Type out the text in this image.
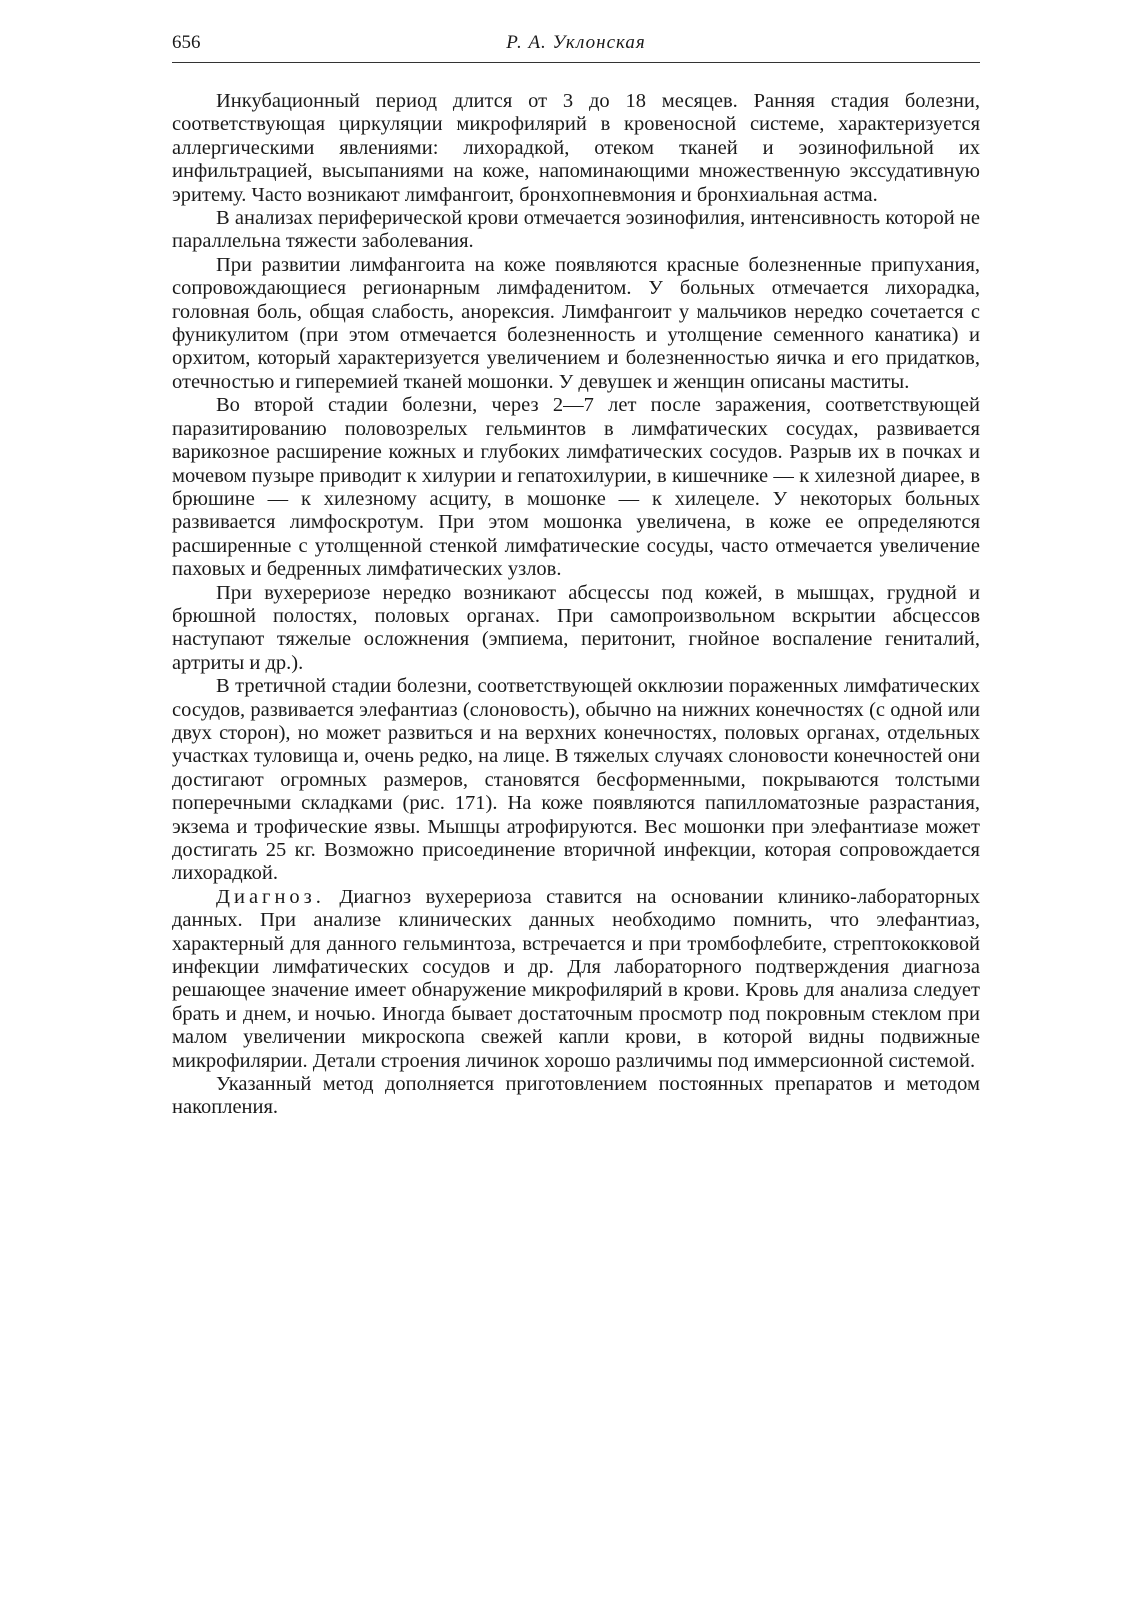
656	Р. А. Уклонская

Инкубационный период длится от 3 до 18 месяцев. Ранняя стадия болезни, соответствующая циркуляции микрофилярий в кровеносной системе, характеризуется аллергическими явлениями: лихорадкой, отеком тканей и эозинофильной их инфильтрацией, высыпаниями на коже, напоминающими множественную экссудативную эритему. Часто возникают лимфангоит, бронхопневмония и бронхиальная астма.

В анализах периферической крови отмечается эозинофилия, интенсивность которой не параллельна тяжести заболевания.

При развитии лимфангоита на коже появляются красные болезненные припухания, сопровождающиеся регионарным лимфаденитом. У больных отмечается лихорадка, головная боль, общая слабость, анорексия. Лимфангоит у мальчиков нередко сочетается с фуникулитом (при этом отмечается болезненность и утолщение семенного канатика) и орхитом, который характеризуется увеличением и болезненностью яичка и его придатков, отечностью и гиперемией тканей мошонки. У девушек и женщин описаны маститы.

Во второй стадии болезни, через 2—7 лет после заражения, соответствующей паразитированию половозрелых гельминтов в лимфатических сосудах, развивается варикозное расширение кожных и глубоких лимфатических сосудов. Разрыв их в почках и мочевом пузыре приводит к хилурии и гепатохилурии, в кишечнике — к хилезной диарее, в брюшине — к хилезному асциту, в мошонке — к хилецеле. У некоторых больных развивается лимфоскротум. При этом мошонка увеличена, в коже ее определяются расширенные с утолщенной стенкой лимфатические сосуды, часто отмечается увеличение паховых и бедренных лимфатических узлов.

При вухерериозе нередко возникают абсцессы под кожей, в мышцах, грудной и брюшной полостях, половых органах. При самопроизвольном вскрытии абсцессов наступают тяжелые осложнения (эмпиема, перитонит, гнойное воспаление гениталий, артриты и др.).

В третичной стадии болезни, соответствующей окклюзии пораженных лимфатических сосудов, развивается элефантиаз (слоновость), обычно на нижних конечностях (с одной или двух сторон), но может развиться и на верхних конечностях, половых органах, отдельных участках туловища и, очень редко, на лице. В тяжелых случаях слоновости конечностей они достигают огромных размеров, становятся бесформенными, покрываются толстыми поперечными складками (рис. 171). На коже появляются папилломатозные разрастания, экзема и трофические язвы. Мышцы атрофируются. Вес мошонки при элефантиазе может достигать 25 кг. Возможно присоединение вторичной инфекции, которая сопровождается лихорадкой.

Диагноз. Диагноз вухерериоза ставится на основании клинико-лабораторных данных. При анализе клинических данных необходимо помнить, что элефантиаз, характерный для данного гельминтоза, встречается и при тромбофлебите, стрептококковой инфекции лимфатических сосудов и др. Для лабораторного подтверждения диагноза решающее значение имеет обнаружение микрофилярий в крови. Кровь для анализа следует брать и днем, и ночью. Иногда бывает достаточным просмотр под покровным стеклом при малом увеличении микроскопа свежей капли крови, в которой видны подвижные микрофилярии. Детали строения личинок хорошо различимы под иммерсионной системой.

Указанный метод дополняется приготовлением постоянных препаратов и методом накопления.
